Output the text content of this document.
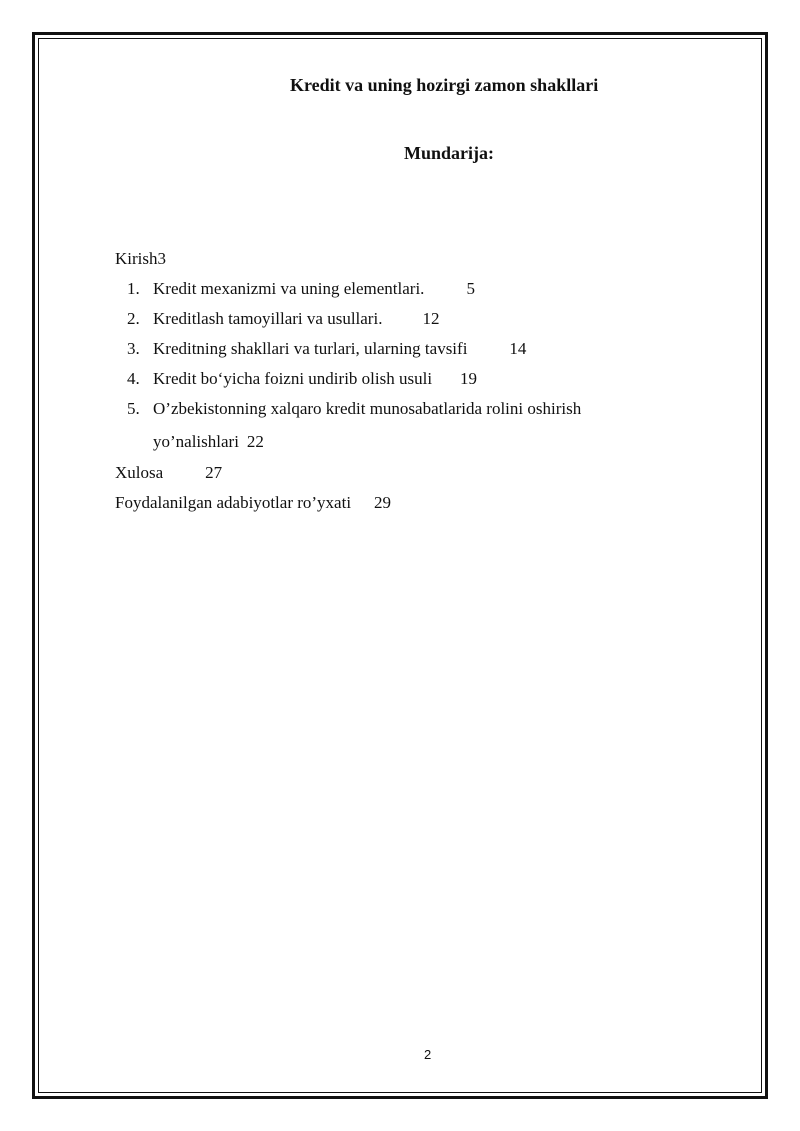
Kredit va uning hozirgi zamon shakllari
Mundarija:
Kirish3
1. Kredit mexanizmi va uning elementlari. 5
2. Kreditlash tamoyillari va usullari. 12
3. Kreditning shakllari va turlari, ularning tavsifi 14
4. Kredit bo‘yicha foizni undirib olish usuli 19
5. O’zbekistonning xalqaro kredit munosabatlarida rolini oshirish
yo’nalishlari 22
Xulosa 27
Foydalanilgan adabiyotlar ro’yxati 29
2
